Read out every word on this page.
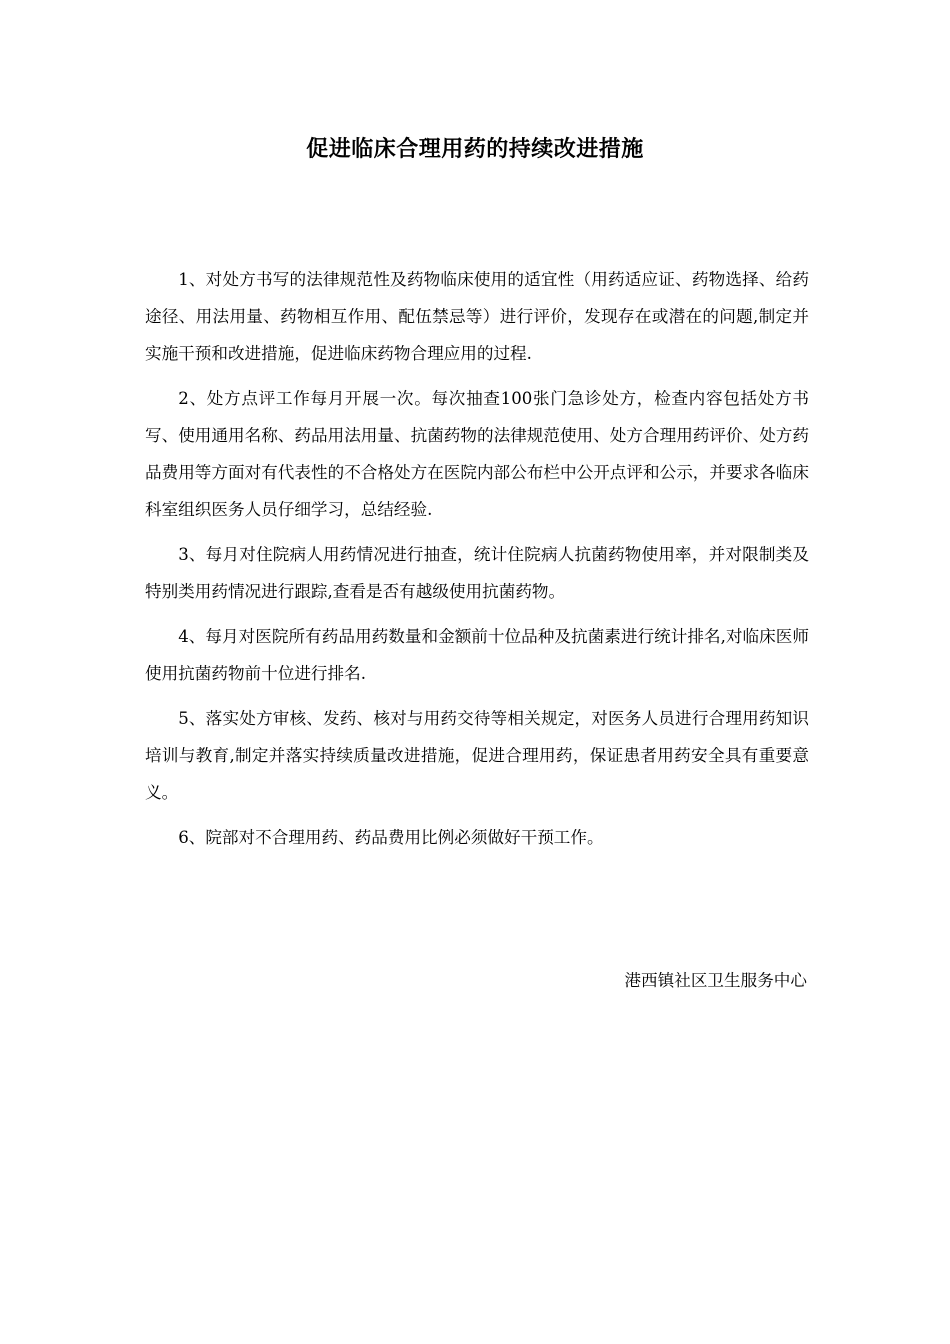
促进临床合理用药的持续改进措施

1、对处方书写的法律规范性及药物临床使用的适宜性（用药适应证、药物选择、给药途径、用法用量、药物相互作用、配伍禁忌等）进行评价，发现存在或潜在的问题,制定并实施干预和改进措施，促进临床药物合理应用的过程.

2、处方点评工作每月开展一次。每次抽查100张门急诊处方，检查内容包括处方书写、使用通用名称、药品用法用量、抗菌药物的法律规范使用、处方合理用药评价、处方药品费用等方面对有代表性的不合格处方在医院内部公布栏中公开点评和公示，并要求各临床科室组织医务人员仔细学习，总结经验.

3、每月对住院病人用药情况进行抽查，统计住院病人抗菌药物使用率，并对限制类及特别类用药情况进行跟踪,查看是否有越级使用抗菌药物。

4、每月对医院所有药品用药数量和金额前十位品种及抗菌素进行统计排名,对临床医师使用抗菌药物前十位进行排名.

5、落实处方审核、发药、核对与用药交待等相关规定，对医务人员进行合理用药知识培训与教育,制定并落实持续质量改进措施，促进合理用药，保证患者用药安全具有重要意义。

6、院部对不合理用药、药品费用比例必须做好干预工作。

港西镇社区卫生服务中心
